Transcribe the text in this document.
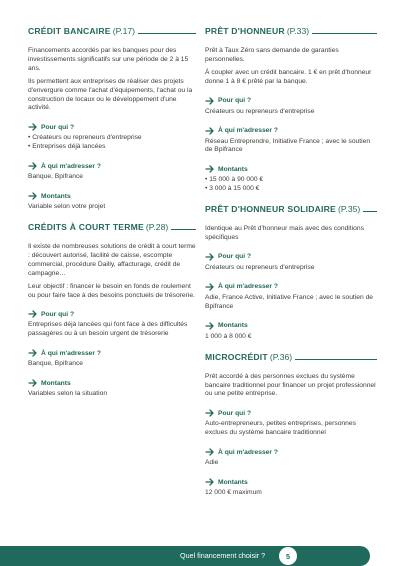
CRÉDIT BANCAIRE (P.17)

Financements accordés par les banques pour des investissements significatifs sur une période de 2 à 15 ans.

Ils permettent aux entreprises de réaliser des projets d'envergure comme l'achat d'équipements, l'achat ou la construction de locaux ou le développement d'une activité.

Pour qui ?
• Créateurs ou repreneurs d'entreprise
• Entreprises déjà lancées
À qui m'adresser ?

Banque, Bpifrance

Montants

Variable selon votre projet

CRÉDITS À COURT TERME (P.28)

Il existe de nombreuses solutions de crédit à court terme : découvert autorisé, facilité de caisse, escompte commercial, procédure Dailly, affacturage, crédit de campagne…

Leur objectif : financer le besoin en fonds de roulement ou pour faire face à des besoins ponctuels de trésorerie.

Pour qui ?

Entreprises déjà lancées qui font face à des difficultés passagères ou à un besoin urgent de trésorerie

À qui m'adresser ?

Banque, Bpifrance

Montants

Variables selon la situation

PRÊT D'HONNEUR (P.33)

Prêt à Taux Zéro sans demande de garanties personnelles.

À coupler avec un crédit bancaire. 1 € en prêt d'honneur donne 1 à 8 € prêté par la banque.

Pour qui ?

Créateurs ou repreneurs d'entreprise

À qui m'adresser ?

Réseau Entreprendre, Initiative France ; avec le soutien de Bpifrance

Montants
• 15 000 à 90 000 €
• 3 000 à 15 000 €
PRÊT D'HONNEUR SOLIDAIRE (P.35)

Identique au Prêt d'honneur mais avec des conditions spécifiques

Pour qui ?

Créateurs ou repreneurs d'entreprise

À qui m'adresser ?

Adie, France Active, Initiative France ; avec le soutien de Bpifrance

Montants

1 000 à 8 000 €

MICROCRÉDIT (P.36)

Prêt accordé à des personnes exclues du système bancaire traditionnel pour financer un projet professionnel ou une petite entreprise.

Pour qui ?

Auto-entrepreneurs, petites entreprises, personnes exclues du système bancaire traditionnel

À qui m'adresser ?

Adie

Montants

12 000 € maximum

Quel financement choisir ?	5
